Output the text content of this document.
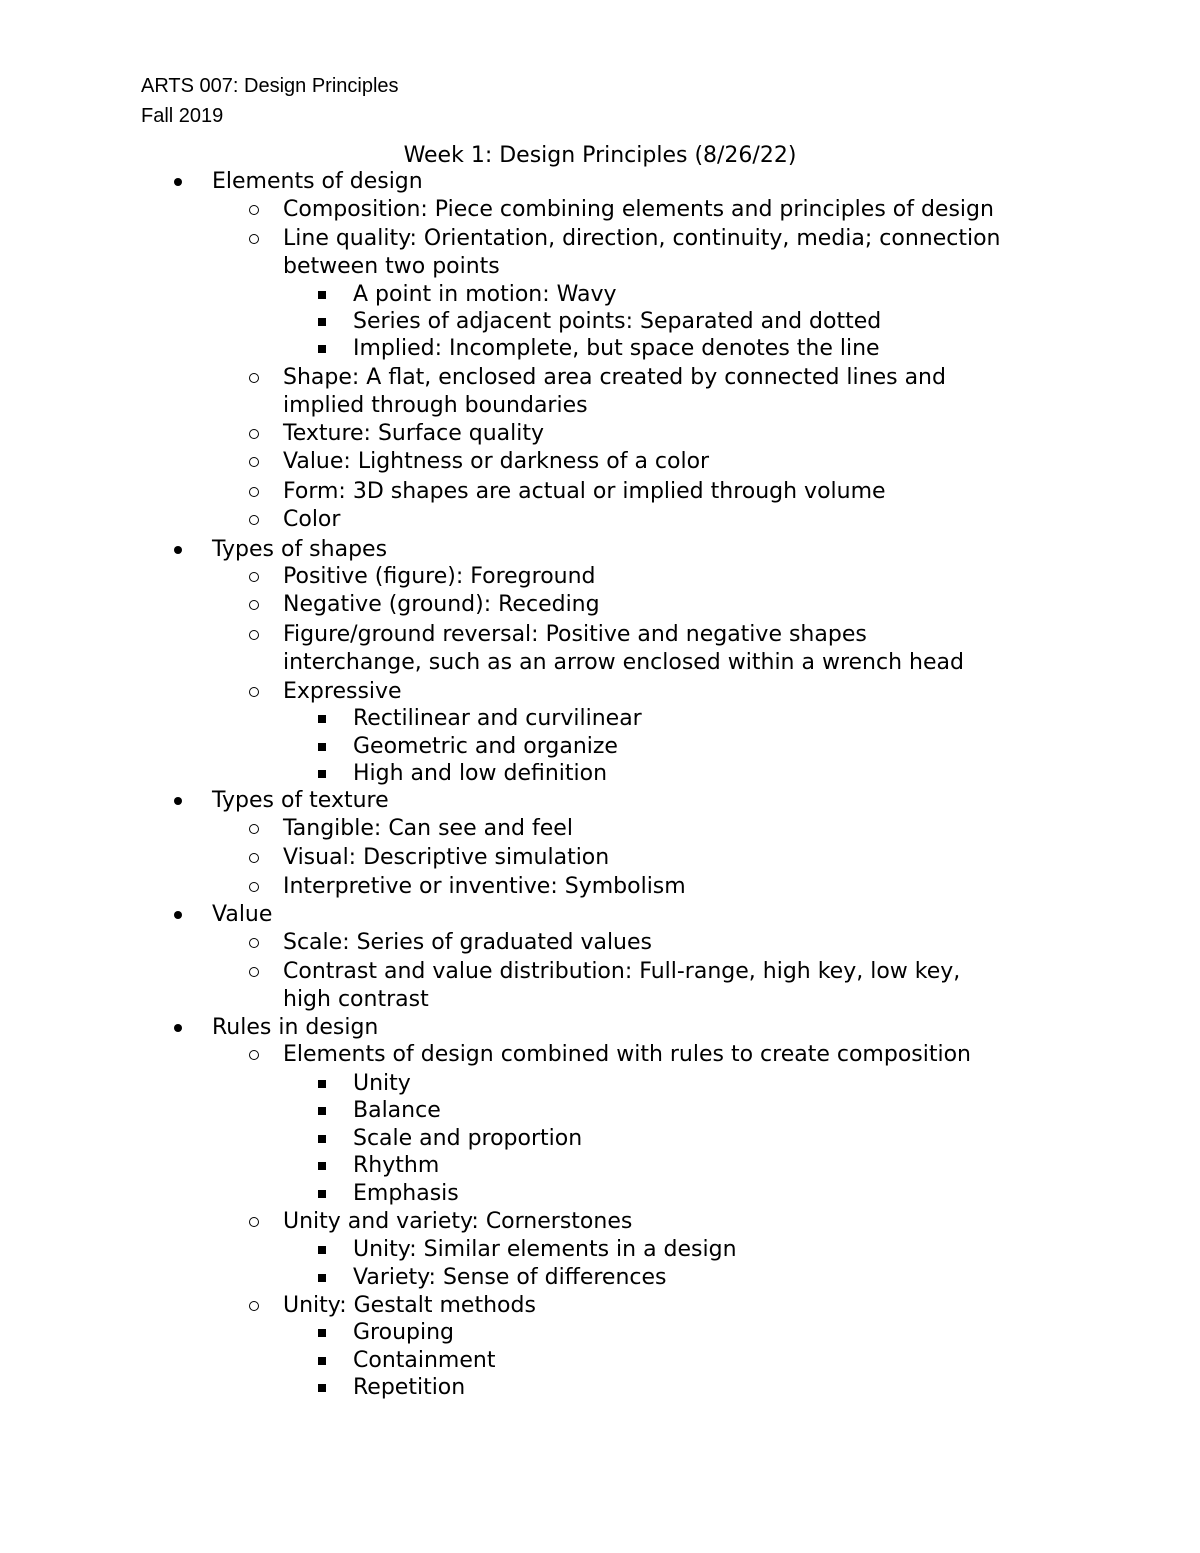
ARTS 007: Design Principles
Fall 2019
Week 1: Design Principles (8/26/22)
Elements of design
Composition: Piece combining elements and principles of design
Line quality: Orientation, direction, continuity, media; connection
between two points
A point in motion: Wavy
Series of adjacent points: Separated and dotted
Implied: Incomplete, but space denotes the line
Shape: A flat, enclosed area created by connected lines and
implied through boundaries
Texture: Surface quality
Value: Lightness or darkness of a color
Form: 3D shapes are actual or implied through volume
Color
Types of shapes
Positive (figure): Foreground
Negative (ground): Receding
Figure/ground reversal: Positive and negative shapes
interchange, such as an arrow enclosed within a wrench head
Expressive
Rectilinear and curvilinear
Geometric and organize
High and low definition
Types of texture
Tangible: Can see and feel
Visual: Descriptive simulation
Interpretive or inventive: Symbolism
Value
Scale: Series of graduated values
Contrast and value distribution: Full-range, high key, low key,
high contrast
Rules in design
Elements of design combined with rules to create composition
Unity
Balance
Scale and proportion
Rhythm
Emphasis
Unity and variety: Cornerstones
Unity: Similar elements in a design
Variety: Sense of differences
Unity: Gestalt methods
Grouping
Containment
Repetition
